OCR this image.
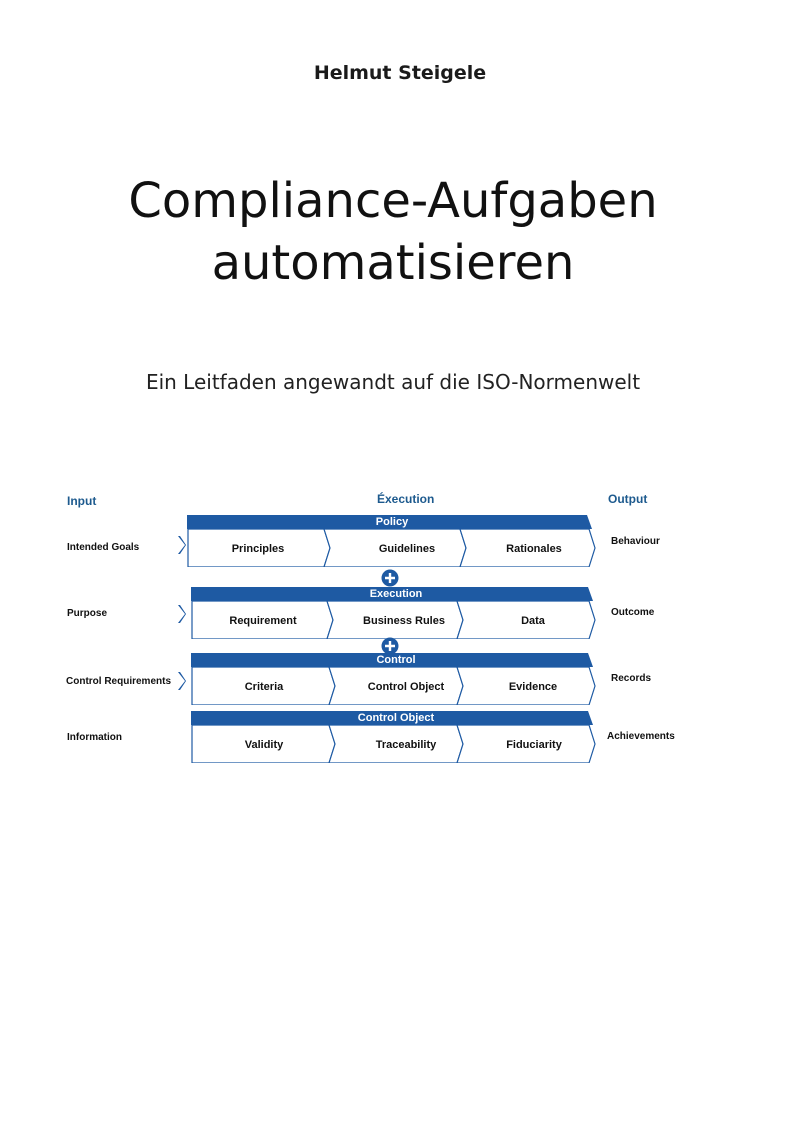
Helmut Steigele
Compliance-Aufgaben
automatisieren
Ein Leitfaden angewandt auf die ISO-Normenwelt
Input	Éxecution	Output
Intended Goals
Policy
Principles	Guidelines	Rationales
Behaviour
Purpose
Execution
Requirement	Business Rules	Data
Outcome
Control Requirements
Control
Criteria	Control Object	Evidence
Records
Information
Control Object
Validity	Traceability	Fiduciarity
Achievements
